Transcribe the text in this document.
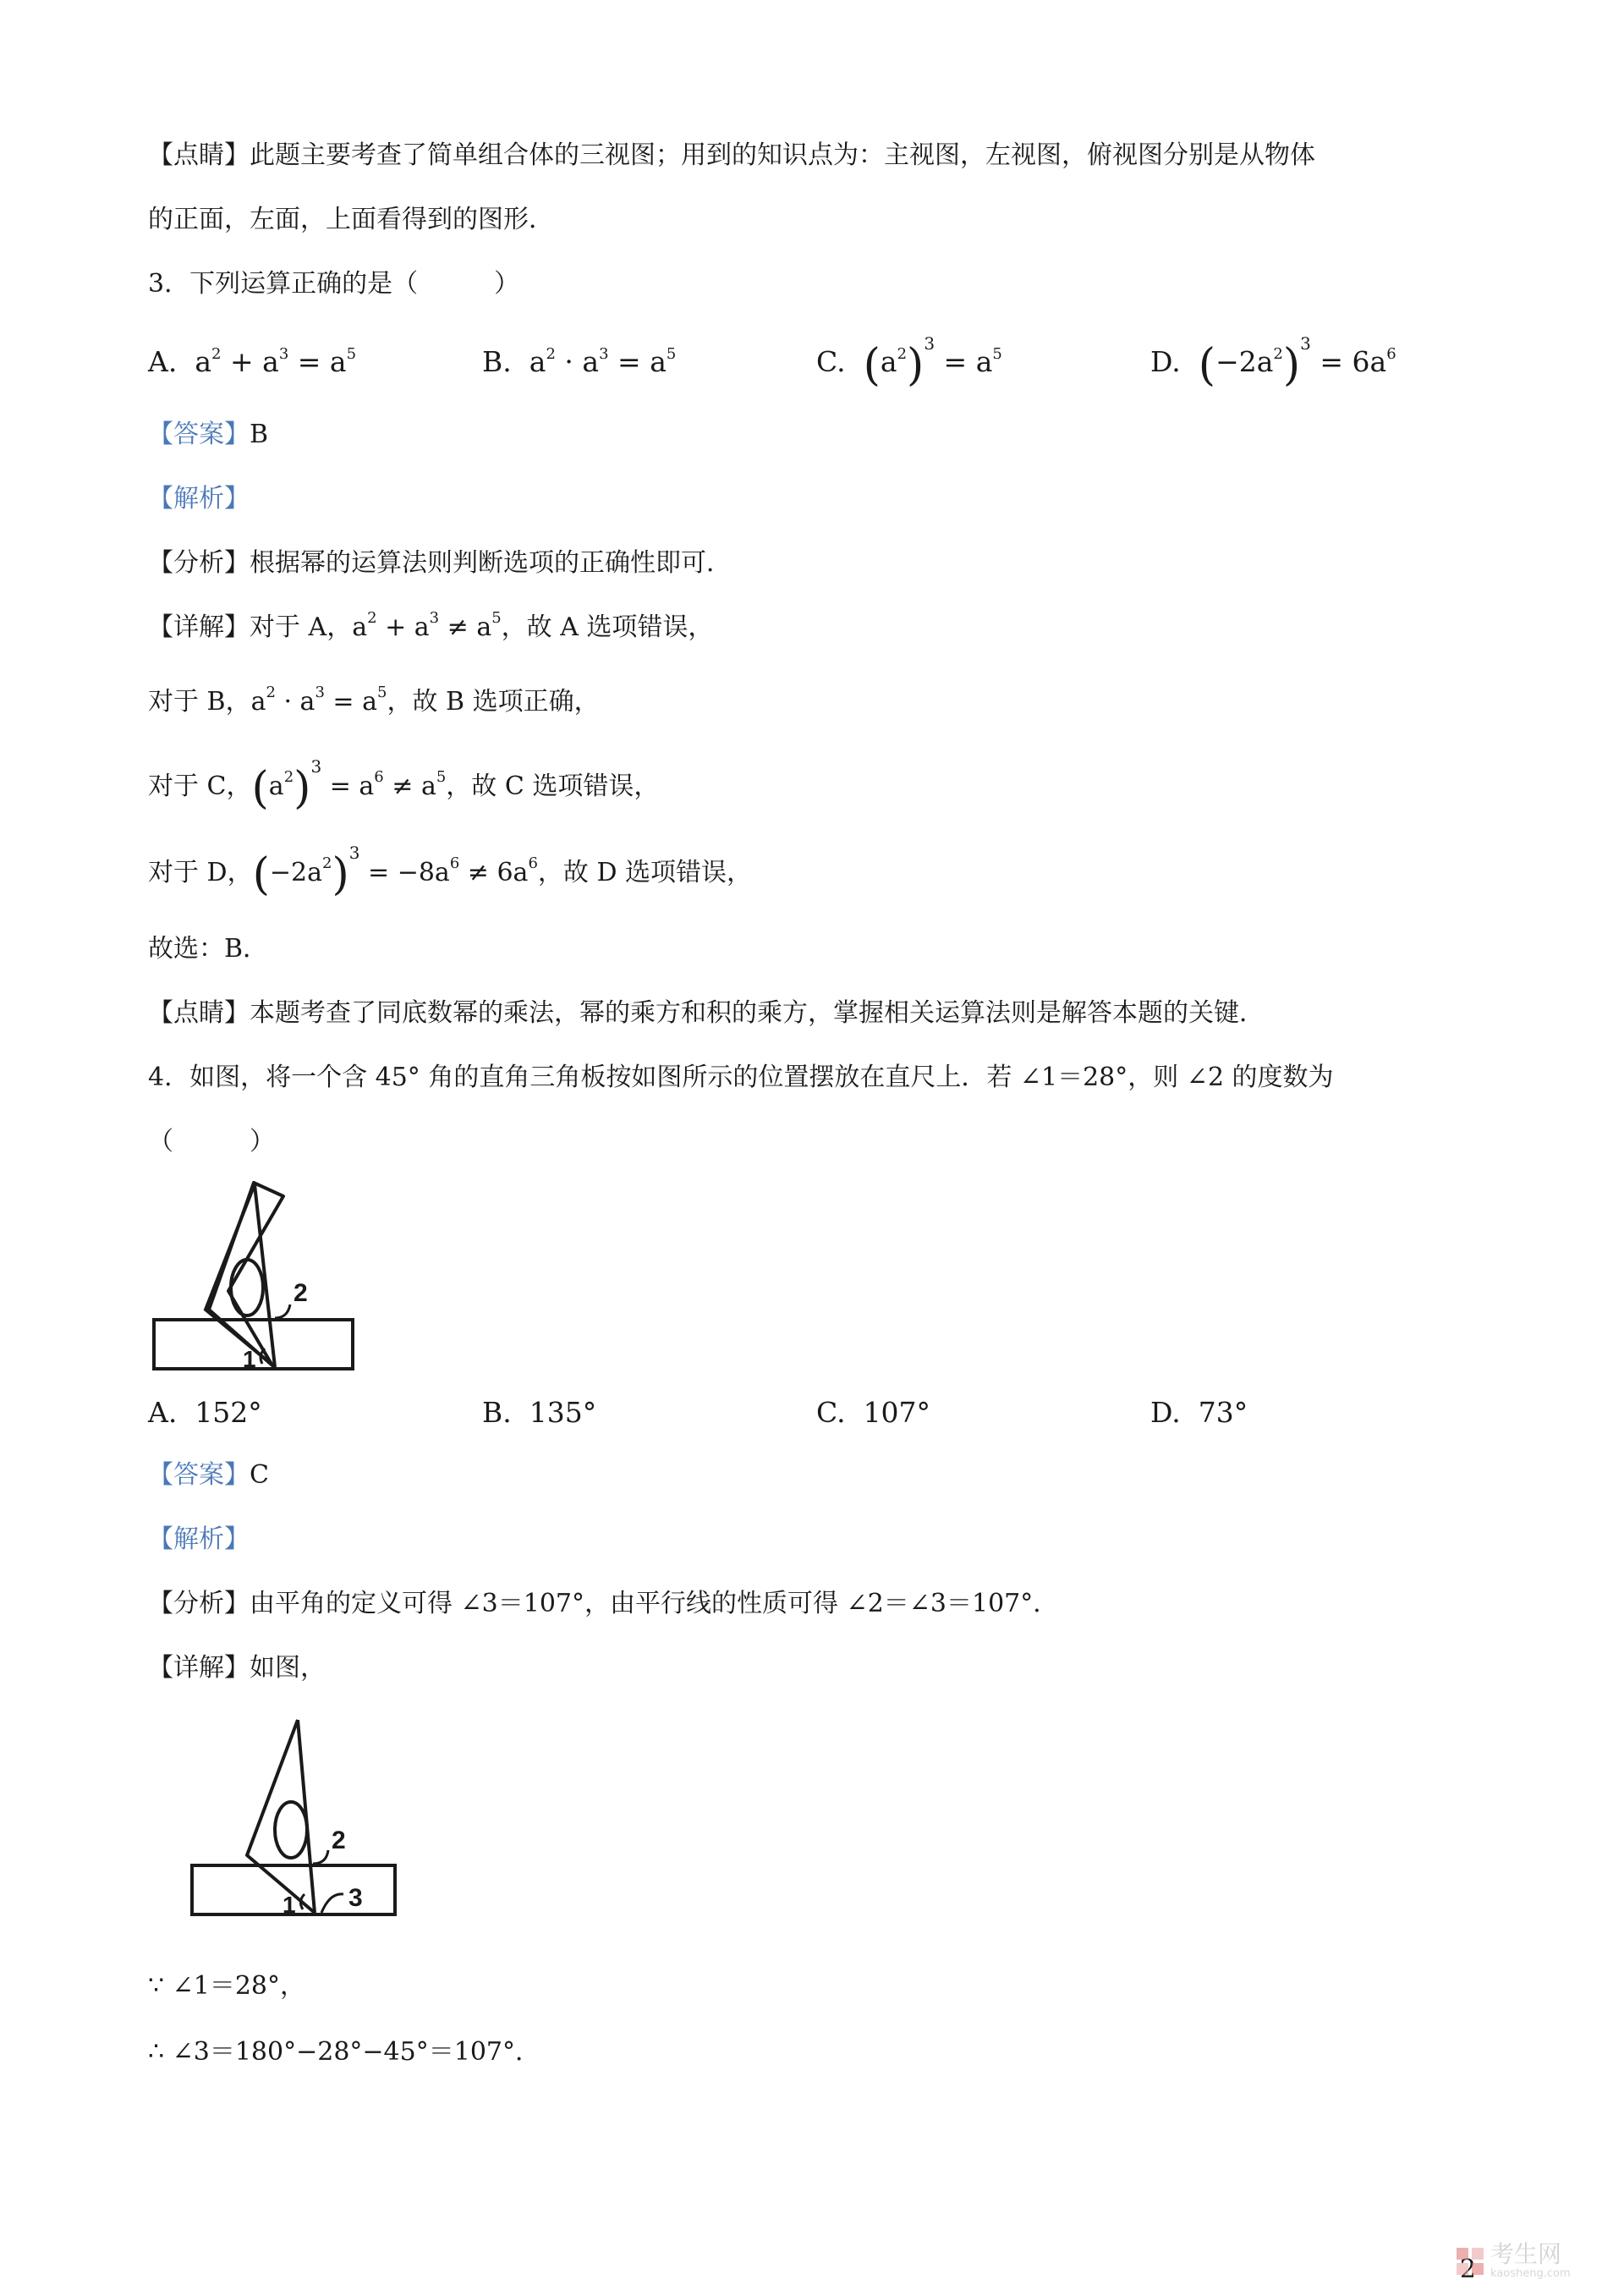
【点睛】此题主要考查了简单组合体的三视图；用到的知识点为：主视图，左视图，俯视图分别是从物体
的正面，左面，上面看得到的图形．
3．下列运算正确的是（　　　）
A. $a^2 + a^3 = a^5$	B. $a^2 \cdot a^3 = a^5$	C. $(a^2)^3 = a^5$	D. $(-2a^2)^3 = 6a^6$
【答案】B
【解析】
【分析】根据幂的运算法则判断选项的正确性即可．
【详解】对于 A，$a^2 + a^3 \ne a^5$，故 A 选项错误，
对于 B，$a^2 \cdot a^3 = a^5$，故 B 选项正确，
对于 C，$(a^2)^3 = a^6 \ne a^5$，故 C 选项错误，
对于 D，$(-2a^2)^3 = -8a^6 \ne 6a^6$，故 D 选项错误，
故选：B．
【点睛】本题考查了同底数幂的乘法，幂的乘方和积的乘方，掌握相关运算法则是解答本题的关键．
4．如图，将一个含 45° 角的直角三角板按如图所示的位置摆放在直尺上．若 ∠1＝28°，则 ∠2 的度数为
（　　　）
2
1
A. 152°	B. 135°	C. 107°	D. 73°
【答案】C
【解析】
【分析】由平角的定义可得 ∠3＝107°，由平行线的性质可得 ∠2＝∠3＝107°．
【详解】如图，
2
1 3
∵ ∠1＝28°，
∴ ∠3＝180°−28°−45°＝107°．
考生网
kaosheng.com
